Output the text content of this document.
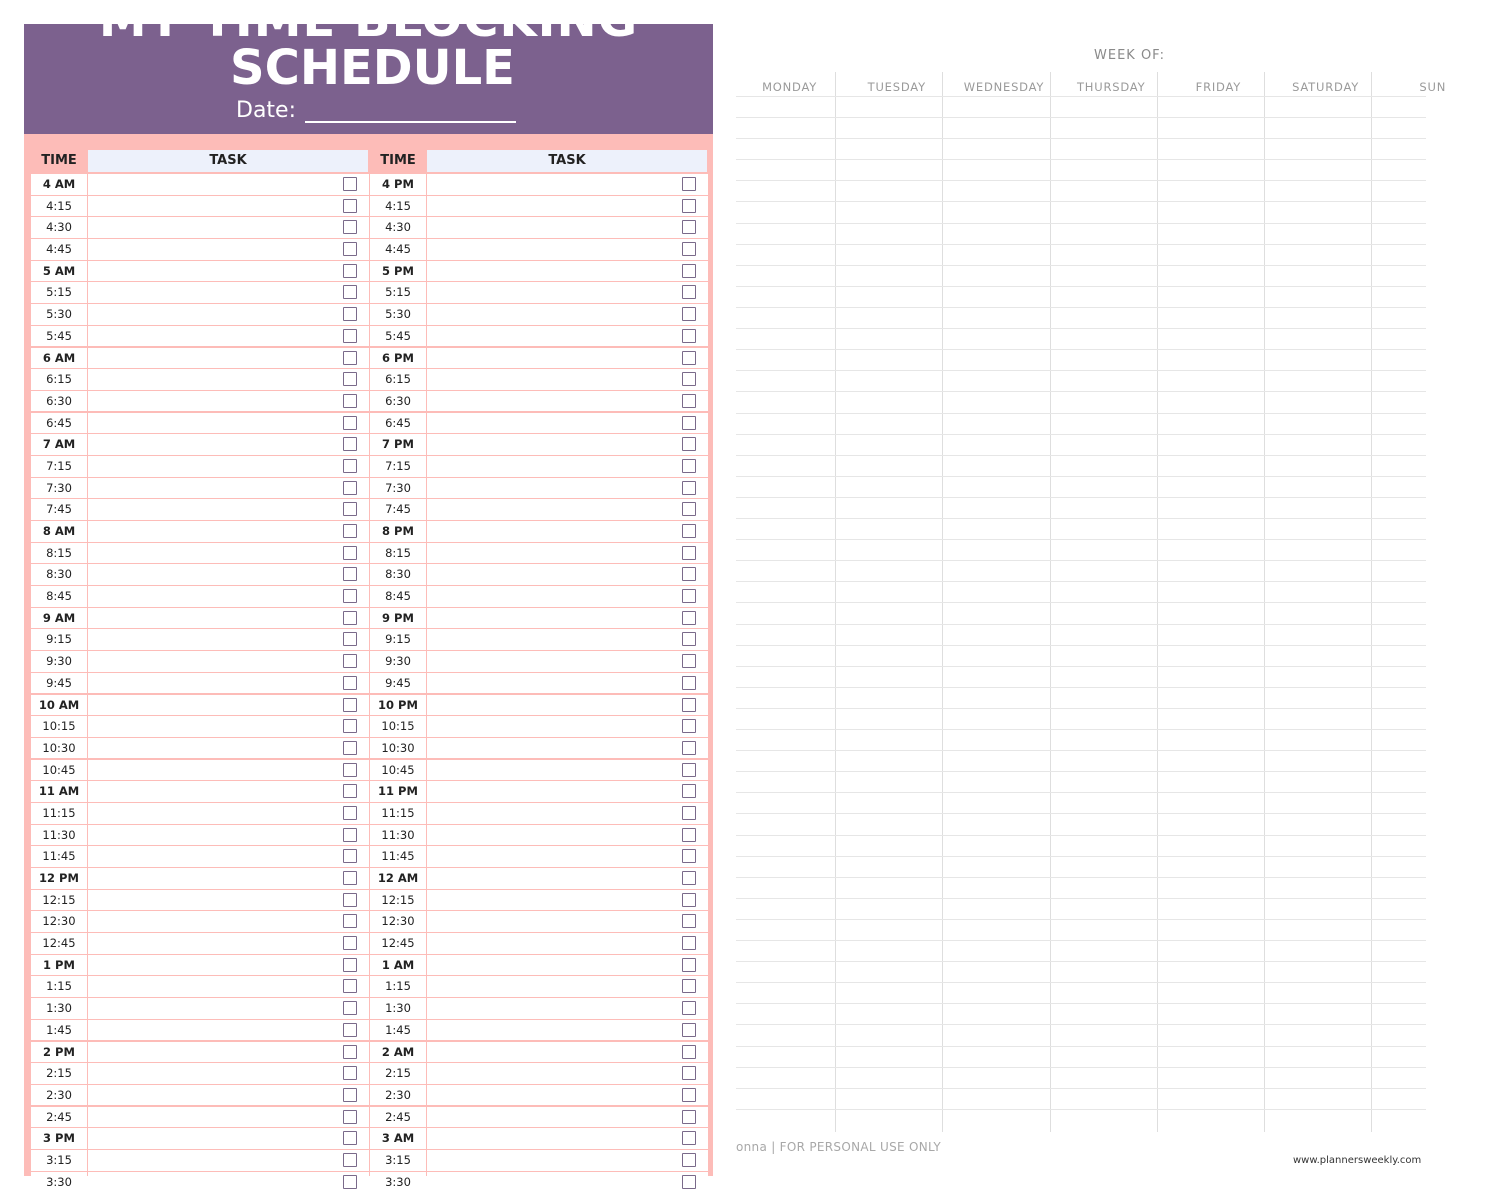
MY TIME BLOCKING
SCHEDULE
Date:
TIME	TASK
4 AM
4:15
4:30
4:45
5 AM
5:15
5:30
5:45
6 AM
6:15
6:30
6:45
7 AM
7:15
7:30
7:45
8 AM
8:15
8:30
8:45
9 AM
9:15
9:30
9:45
10 AM
10:15
10:30
10:45
11 AM
11:15
11:30
11:45
12 PM
12:15
12:30
12:45
1 PM
1:15
1:30
1:45
2 PM
2:15
2:30
2:45
3 PM
3:15
3:30
TIME	TASK
4 PM
4:15
4:30
4:45
5 PM
5:15
5:30
5:45
6 PM
6:15
6:30
6:45
7 PM
7:15
7:30
7:45
8 PM
8:15
8:30
8:45
9 PM
9:15
9:30
9:45
10 PM
10:15
10:30
10:45
11 PM
11:15
11:30
11:45
12 AM
12:15
12:30
12:45
1 AM
1:15
1:30
1:45
2 AM
2:15
2:30
2:45
3 AM
3:15
3:30
WEEK OF:
MONDAY	TUESDAY	WEDNESDAY	THURSDAY	FRIDAY	SATURDAY	SUN
onna | FOR PERSONAL USE ONLY
www.plannersweekly.com
